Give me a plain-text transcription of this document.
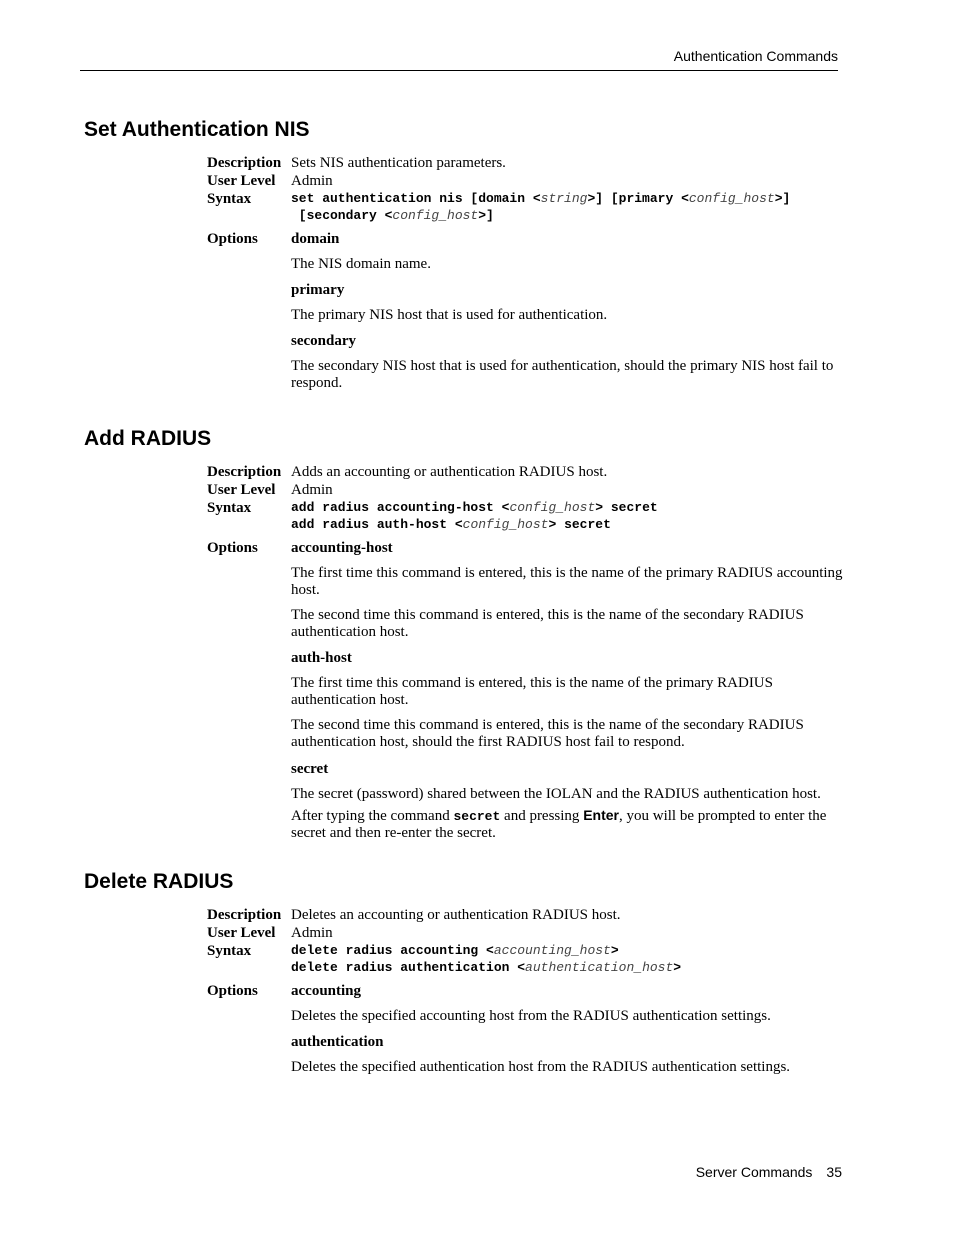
Authentication Commands
Set Authentication NIS
Description Sets NIS authentication parameters.
User Level	Admin
Syntax	set authentication nis [domain <string>] [primary <config_host>]
[secondary <config_host>]
Options	domain
The NIS domain name.
primary
The primary NIS host that is used for authentication.
secondary
The secondary NIS host that is used for authentication, should the primary NIS host fail to respond.
Add RADIUS
Description Adds an accounting or authentication RADIUS host.
User Level	Admin
Syntax	add radius accounting-host <config_host> secret
add radius auth-host <config_host> secret
Options	accounting-host
The first time this command is entered, this is the name of the primary RADIUS accounting host.
The second time this command is entered, this is the name of the secondary RADIUS authentication host.
auth-host
The first time this command is entered, this is the name of the primary RADIUS authentication host.
The second time this command is entered, this is the name of the secondary RADIUS authentication host, should the first RADIUS host fail to respond.
secret
The secret (password) shared between the IOLAN and the RADIUS authentication host.
After typing the command secret and pressing Enter, you will be prompted to enter the secret and then re-enter the secret.
Delete RADIUS
Description Deletes an accounting or authentication RADIUS host.
User Level	Admin
Syntax	delete radius accounting <accounting_host>
delete radius authentication <authentication_host>
Options	accounting
Deletes the specified accounting host from the RADIUS authentication settings.
authentication
Deletes the specified authentication host from the RADIUS authentication settings.
Server Commands 35
